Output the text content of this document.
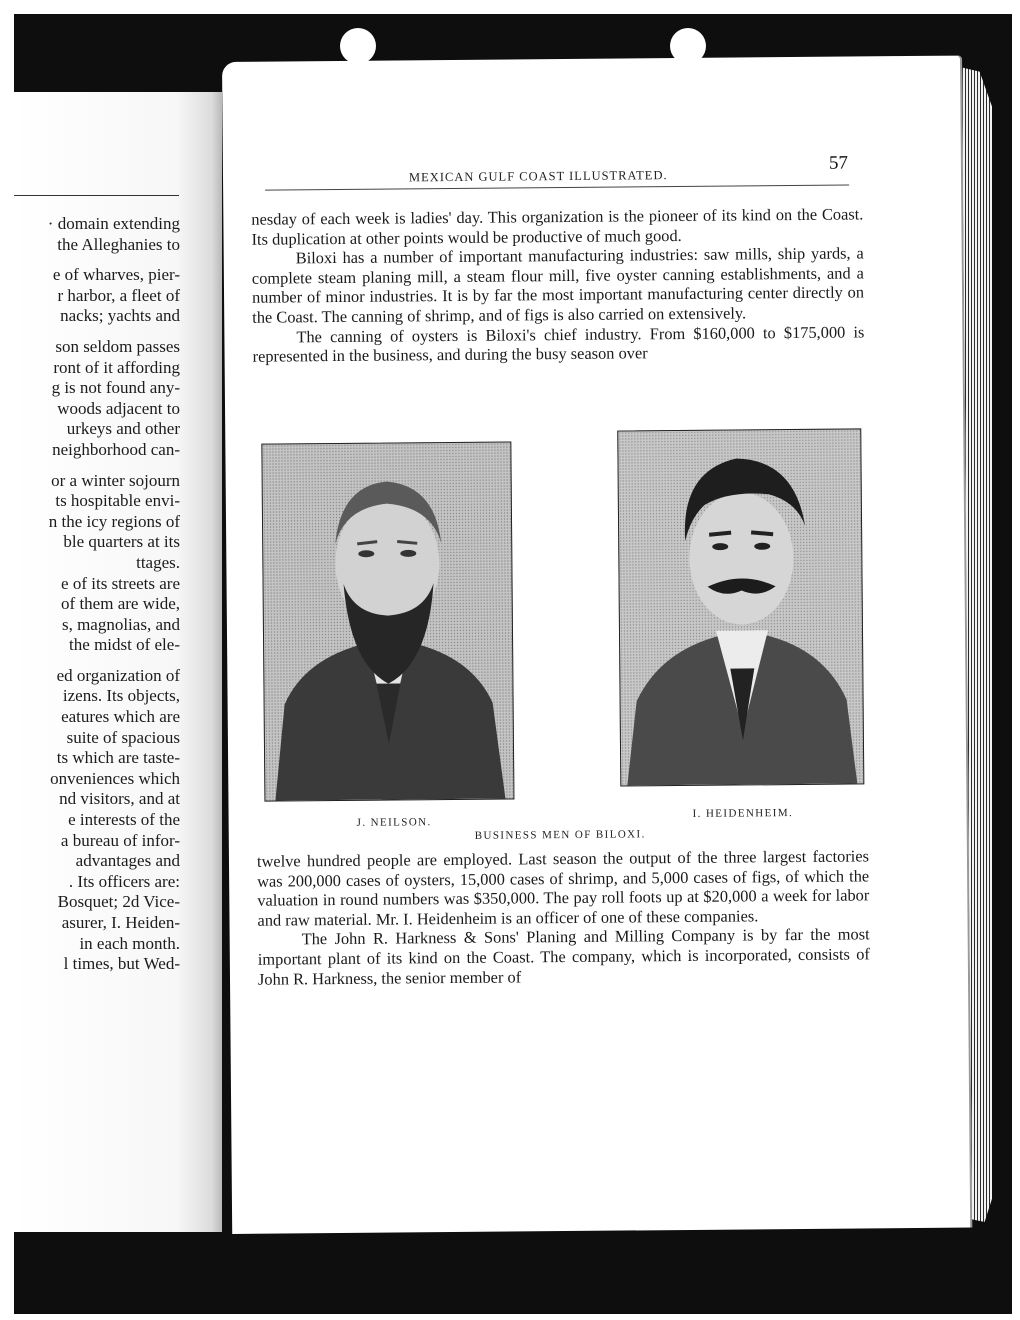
· domain extending
the Alleghanies to
e of wharves, pier-
r harbor, a fleet of
nacks; yachts and
son seldom passes
ront of it affording
g is not found any-
woods adjacent to
urkeys and other
neighborhood can-
or a winter sojourn
ts hospitable envi-
n the icy regions of
ble quarters at its
ttages.
e of its streets are
of them are wide,
s, magnolias, and
the midst of ele-
ed organization of
izens. Its objects,
eatures which are
suite of spacious
ts which are taste-
onveniences which
nd visitors, and at
e interests of the
a bureau of infor-
advantages and
. Its officers are:
Bosquet; 2d Vice-
asurer, I. Heiden-
in each month.
l times, but Wed-
MEXICAN GULF COAST ILLUSTRATED.
57

nesday of each week is ladies' day. This organization is the pioneer of its kind on the Coast. Its duplication at other points would be productive of much good.

Biloxi has a number of important manufacturing industries: saw mills, ship yards, a complete steam planing mill, a steam flour mill, five oyster canning establishments, and a number of minor industries. It is by far the most important manufacturing center directly on the Coast. The canning of shrimp, and of figs is also carried on extensively.

The canning of oysters is Biloxi's chief industry. From $160,000 to $175,000 is represented in the business, and during the busy season over

J. NEILSON.
I. HEIDENHEIM.
BUSINESS MEN OF BILOXI.

twelve hundred people are employed. Last season the output of the three largest factories was 200,000 cases of oysters, 15,000 cases of shrimp, and 5,000 cases of figs, of which the valuation in round numbers was $350,000. The pay roll foots up at $20,000 a week for labor and raw material. Mr. I. Heidenheim is an officer of one of these companies.

The John R. Harkness & Sons' Planing and Milling Company is by far the most important plant of its kind on the Coast. The company, which is incorporated, consists of John R. Harkness, the senior member of
